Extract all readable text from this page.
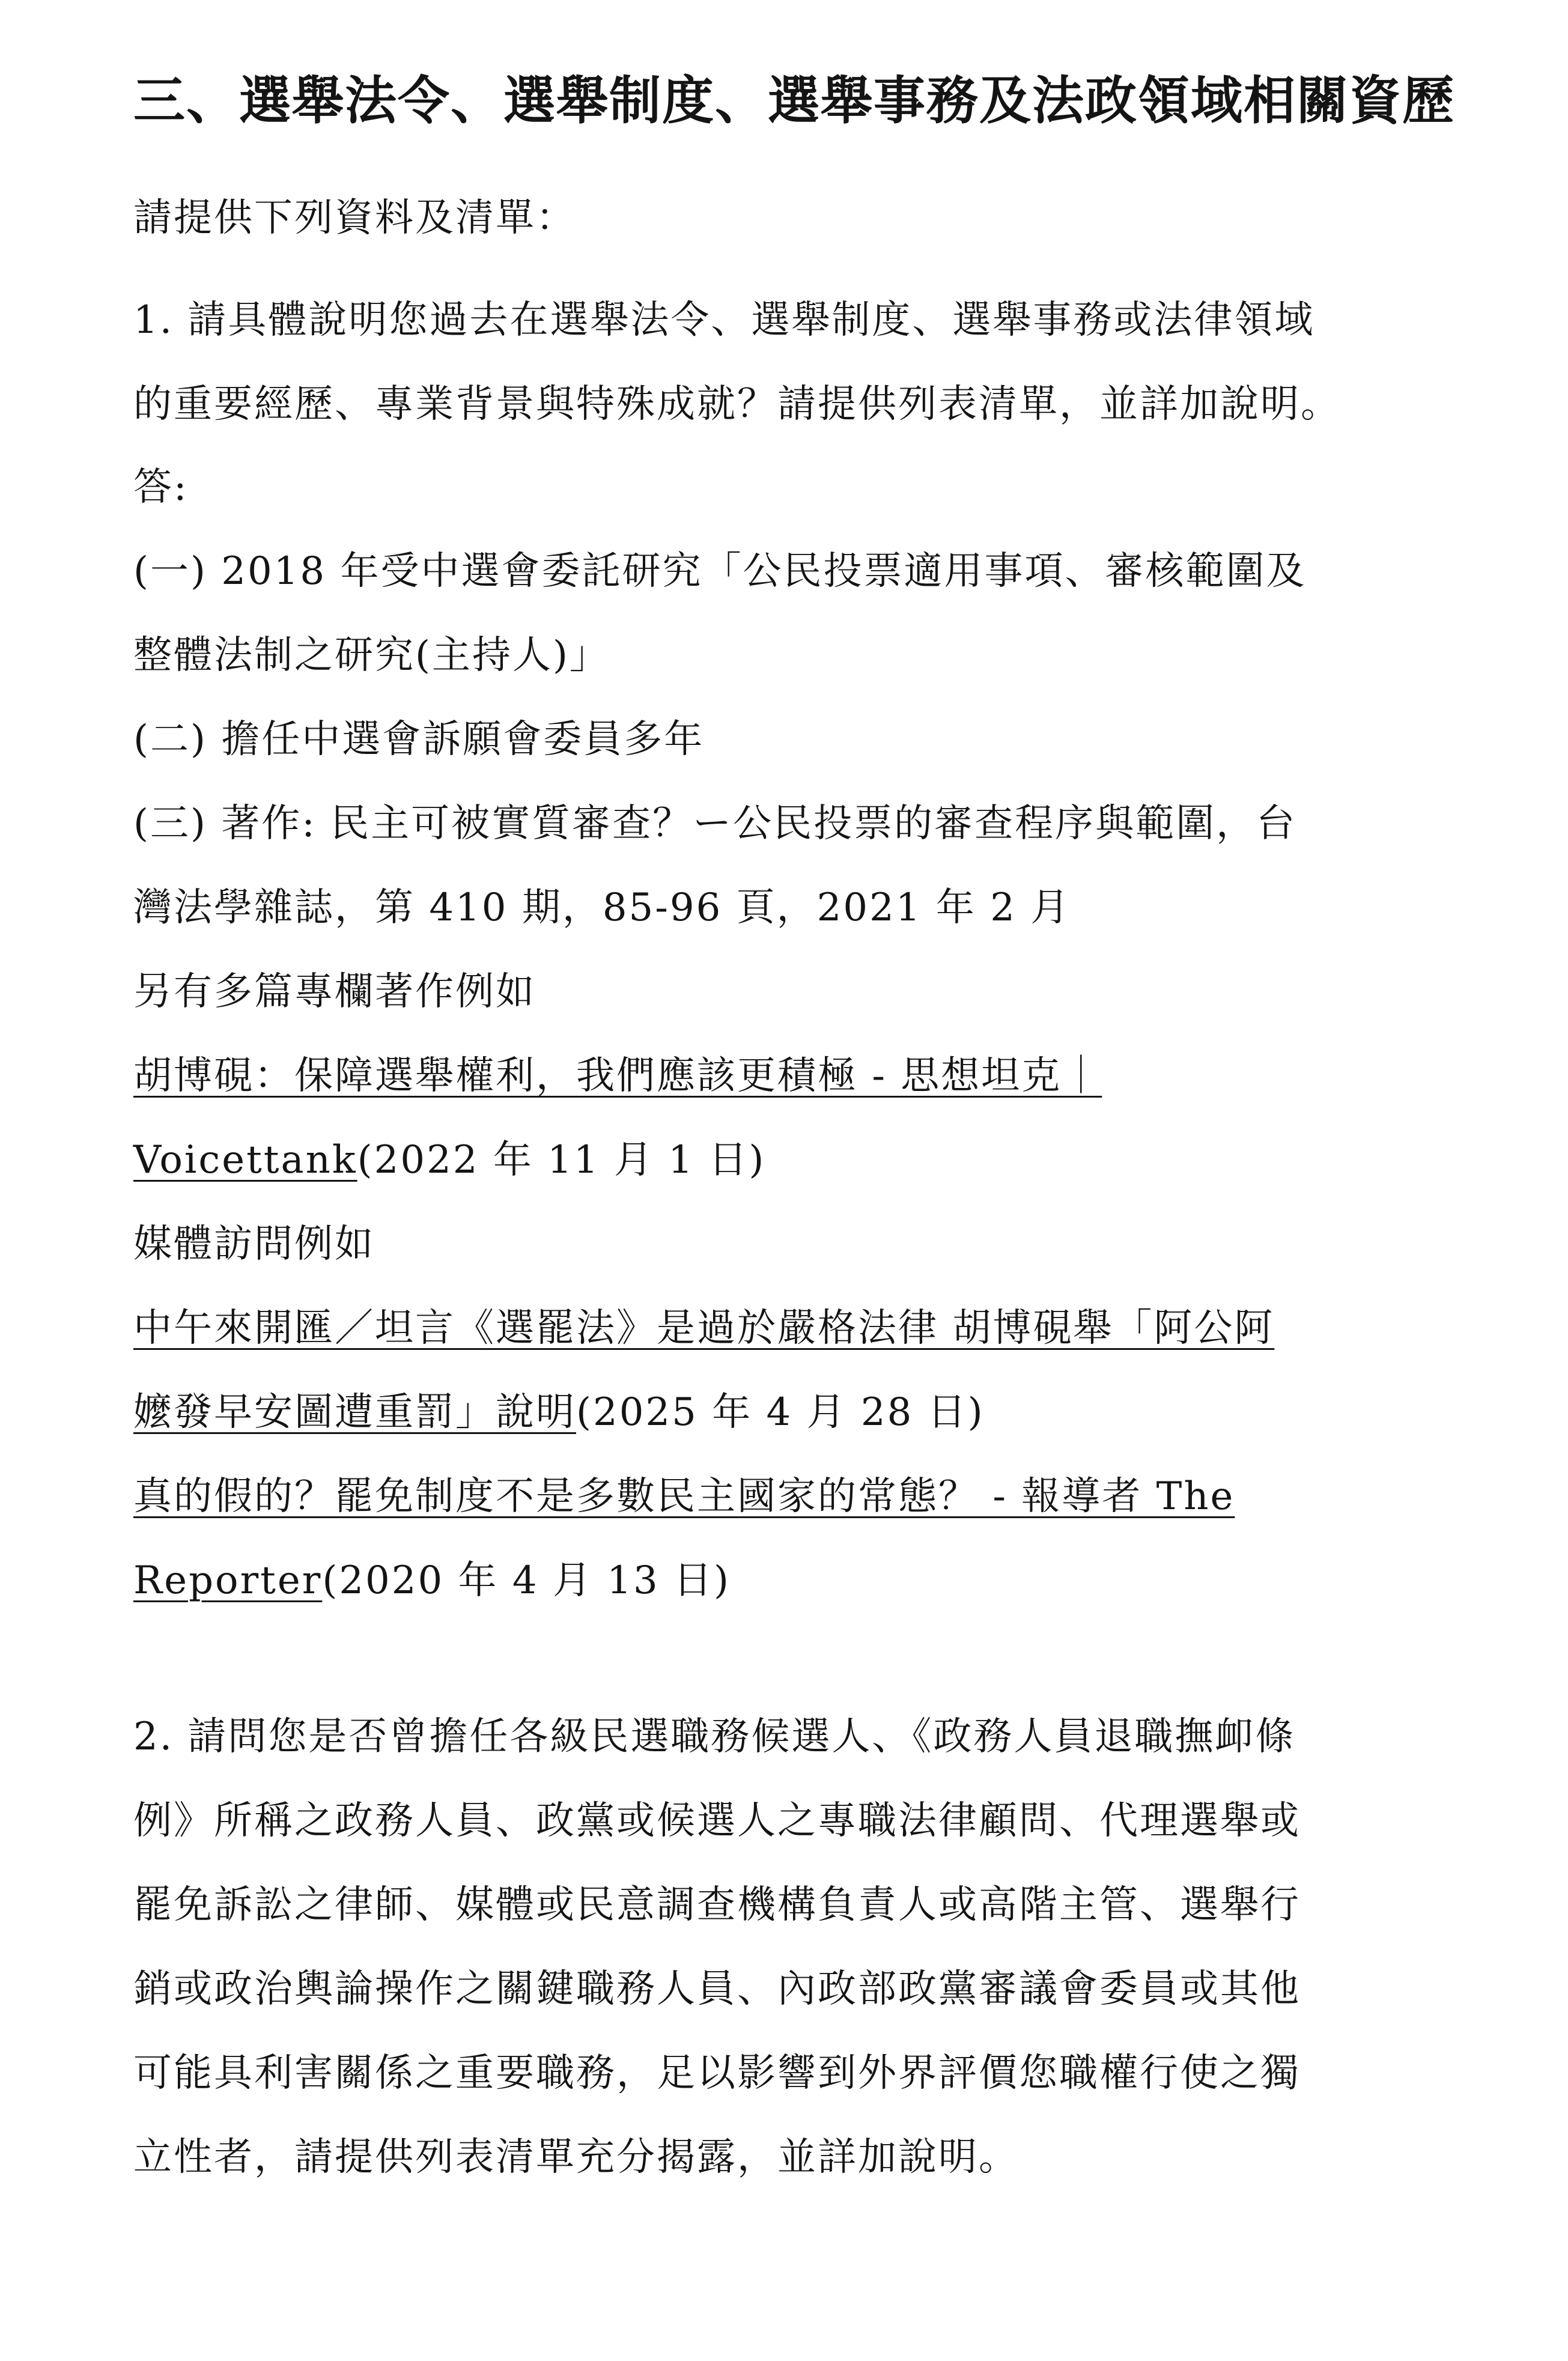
三、選舉法令、選舉制度、選舉事務及法政領域相關資歷
請提供下列資料及清單：
1. 請具體說明您過去在選舉法令、選舉制度、選舉事務或法律領域
的重要經歷、專業背景與特殊成就？請提供列表清單，並詳加說明。
答:
(一) 2018 年受中選會委託研究「公民投票適用事項、審核範圍及
整體法制之研究(主持人)」
(二) 擔任中選會訴願會委員多年
(三) 著作: 民主可被實質審查？ー公民投票的審查程序與範圍，台
灣法學雜誌，第 410 期，85-96 頁，2021 年 2 月
另有多篇專欄著作例如
胡博硯：保障選舉權利，我們應該更積極 - 思想坦克｜
Voicettank(2022 年 11 月 1 日)
媒體訪問例如
中午來開匯／坦言《選罷法》是過於嚴格法律 胡博硯舉「阿公阿
嬤發早安圖遭重罰」說明(2025 年 4 月 28 日)
真的假的？罷免制度不是多數民主國家的常態？ - 報導者 The
Reporter(2020 年 4 月 13 日)
2. 請問您是否曾擔任各級民選職務候選人、《政務人員退職撫卹條
例》所稱之政務人員、政黨或候選人之專職法律顧問、代理選舉或
罷免訴訟之律師、媒體或民意調查機構負責人或高階主管、選舉行
銷或政治輿論操作之關鍵職務人員、內政部政黨審議會委員或其他
可能具利害關係之重要職務，足以影響到外界評價您職權行使之獨
立性者，請提供列表清單充分揭露，並詳加說明。
